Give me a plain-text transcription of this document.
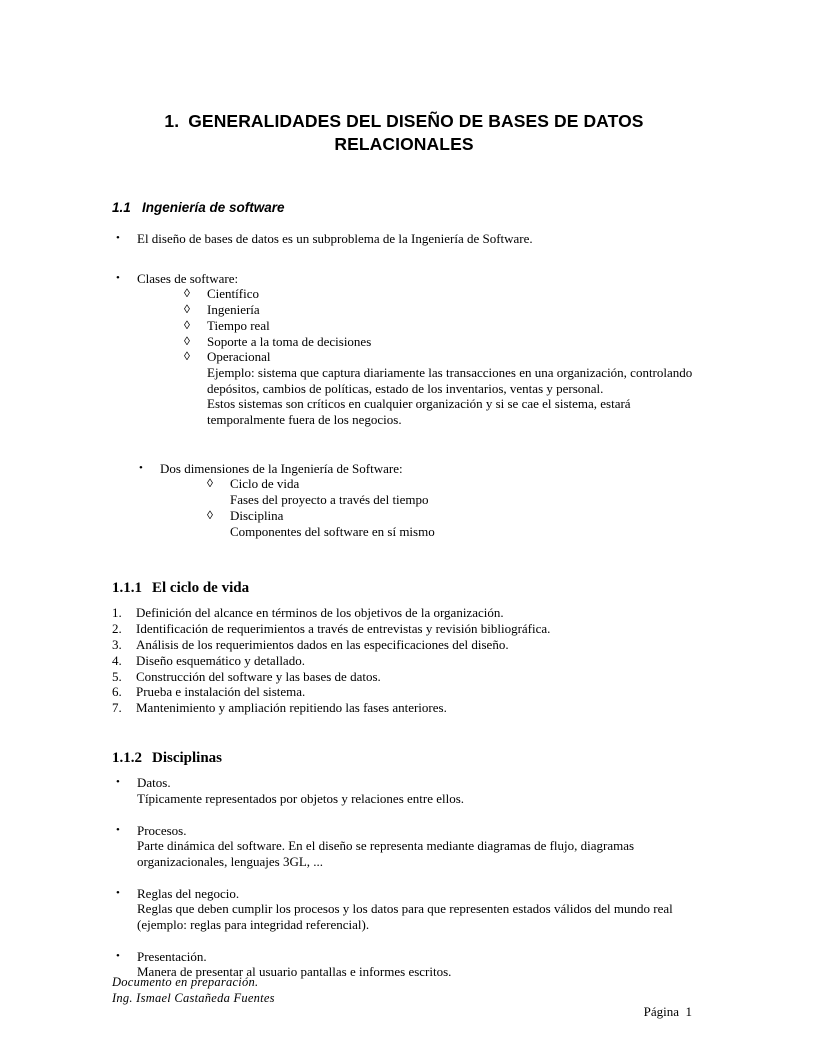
1. GENERALIDADES DEL DISEÑO DE BASES DE DATOS RELACIONALES
1.1 Ingeniería de software
• El diseño de bases de datos es un subproblema de la Ingeniería de Software.
• Clases de software:
◊ Científico
◊ Ingeniería
◊ Tiempo real
◊ Soporte a la toma de decisiones
◊ Operacional
Ejemplo: sistema que captura diariamente las transacciones en una organización, controlando depósitos, cambios de políticas, estado de los inventarios, ventas y personal.
Estos sistemas son críticos en cualquier organización y si se cae el sistema, estará temporalmente fuera de los negocios.
• Dos dimensiones de la Ingeniería de Software:
◊ Ciclo de vida
Fases del proyecto a través del tiempo
◊ Disciplina
Componentes del software en sí mismo
1.1.1 El ciclo de vida
1. Definición del alcance en términos de los objetivos de la organización.
2. Identificación de requerimientos a través de entrevistas y revisión bibliográfica.
3. Análisis de los requerimientos dados en las especificaciones del diseño.
4. Diseño esquemático y detallado.
5. Construcción del software y las bases de datos.
6. Prueba e instalación del sistema.
7. Mantenimiento y ampliación repitiendo las fases anteriores.
1.1.2 Disciplinas
• Datos.
Típicamente representados por objetos y relaciones entre ellos.
• Procesos.
Parte dinámica del software. En el diseño se representa mediante diagramas de flujo, diagramas organizacionales, lenguajes 3GL, ...
• Reglas del negocio.
Reglas que deben cumplir los procesos y los datos para que representen estados válidos del mundo real (ejemplo: reglas para integridad referencial).
• Presentación.
Manera de presentar al usuario pantallas e informes escritos.
Documento en preparación.
Ing. Ismael Castañeda Fuentes
Página  1
